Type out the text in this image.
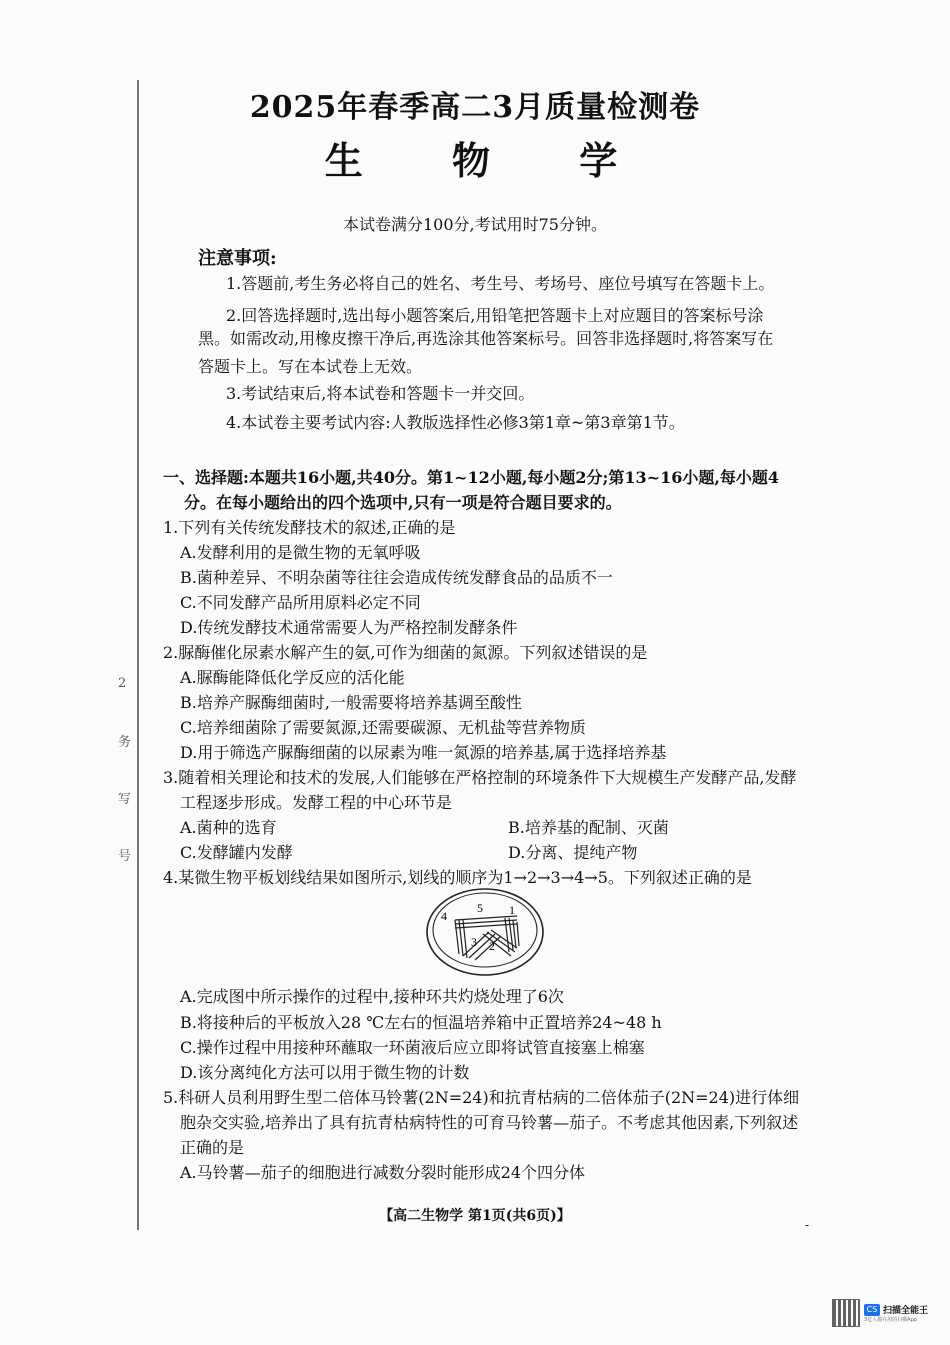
2
务
写
号
2025年春季高二3月质量检测卷
生 物 学
本试卷满分100分,考试用时75分钟。
注意事项:
1.答题前,考生务必将自己的姓名、考生号、考场号、座位号填写在答题卡上。
2.回答选择题时,选出每小题答案后,用铅笔把答题卡上对应题目的答案标号涂
黑。如需改动,用橡皮擦干净后,再选涂其他答案标号。回答非选择题时,将答案写在
答题卡上。写在本试卷上无效。
3.考试结束后,将本试卷和答题卡一并交回。
4.本试卷主要考试内容:人教版选择性必修3第1章~第3章第1节。
一、选择题:本题共16小题,共40分。第1~12小题,每小题2分;第13~16小题,每小题4
分。在每小题给出的四个选项中,只有一项是符合题目要求的。
1.下列有关传统发酵技术的叙述,正确的是
A.发酵利用的是微生物的无氧呼吸
B.菌种差异、不明杂菌等往往会造成传统发酵食品的品质不一
C.不同发酵产品所用原料必定不同
D.传统发酵技术通常需要人为严格控制发酵条件
2.脲酶催化尿素水解产生的氨,可作为细菌的氮源。下列叙述错误的是
A.脲酶能降低化学反应的活化能
B.培养产脲酶细菌时,一般需要将培养基调至酸性
C.培养细菌除了需要氮源,还需要碳源、无机盐等营养物质
D.用于筛选产脲酶细菌的以尿素为唯一氮源的培养基,属于选择培养基
3.随着相关理论和技术的发展,人们能够在严格控制的环境条件下大规模生产发酵产品,发酵
工程逐步形成。发酵工程的中心环节是
A.菌种的选育	B.培养基的配制、灭菌
C.发酵罐内发酵	D.分离、提纯产物
4.某微生物平板划线结果如图所示,划线的顺序为1→2→3→4→5。下列叙述正确的是
4
5 1
3 2
A.完成图中所示操作的过程中,接种环共灼烧处理了6次
B.将接种后的平板放入28 ℃左右的恒温培养箱中正置培养24~48 h
C.操作过程中用接种环蘸取一环菌液后应立即将试管直接塞上棉塞
D.该分离纯化方法可以用于微生物的计数
5.科研人员利用野生型二倍体马铃薯(2N=24)和抗青枯病的二倍体茄子(2N=24)进行体细
胞杂交实验,培养出了具有抗青枯病特性的可育马铃薯—茄子。不考虑其他因素,下列叙述
正确的是
A.马铃薯—茄子的细胞进行减数分裂时能形成24个四分体
【高二生物学 第1页(共6页)】
‐
CS 扫描全能王
3亿人都在用的扫描App
